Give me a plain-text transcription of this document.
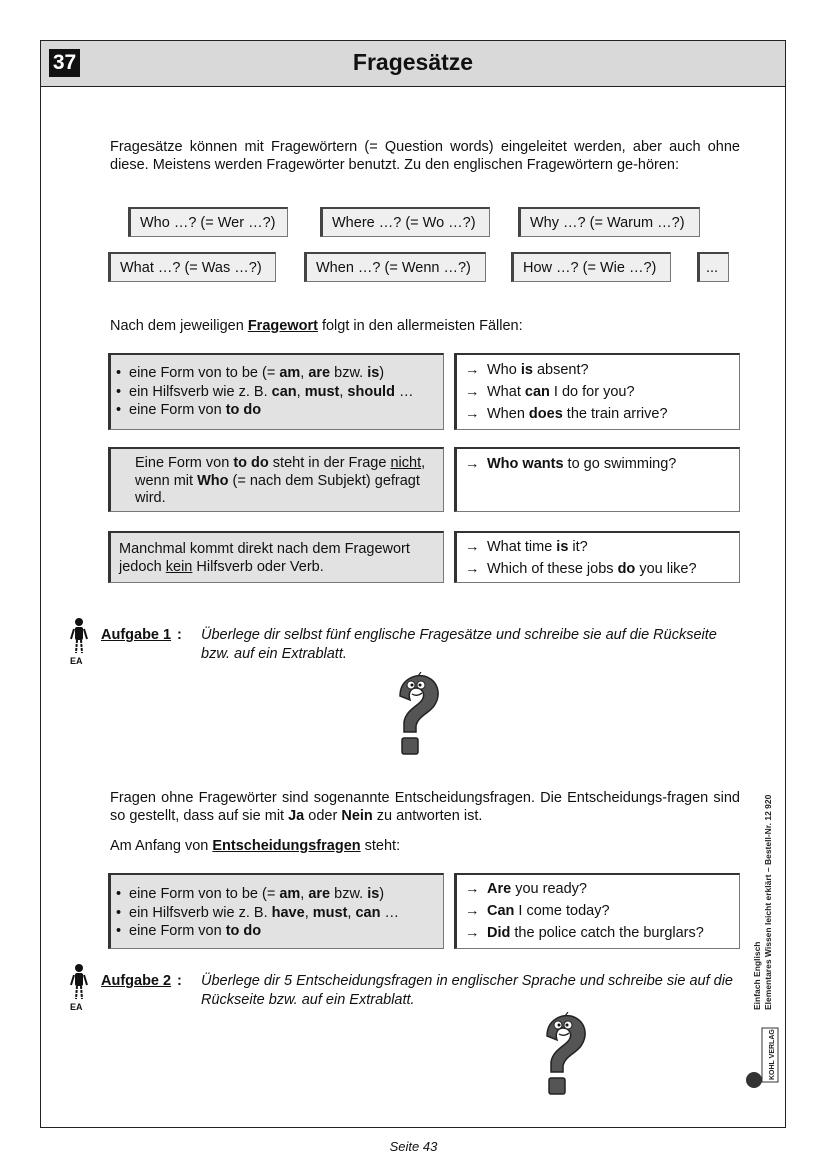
37	Fragesätze
Fragesätze können mit Fragewörtern (= Question words) eingeleitet werden, aber auch ohne diese. Meistens werden Fragewörter benutzt. Zu den englischen Fragewörtern ge-hören:
Who …? (= Wer …?)	Where …? (= Wo …?)	Why …? (= Warum …?)
What …? (= Was …?)	When …? (= Wenn …?)	How …? (= Wie …?)	...
Nach dem jeweiligen Fragewort folgt in den allermeisten Fällen:
• eine Form von to be (= am, are bzw. is)
• ein Hilfsverb wie z. B. can, must, should …
• eine Form von to do
→ Who is absent?
→ What can I do for you?
→ When does the train arrive?
Eine Form von to do steht in der Frage nicht,
wenn mit Who (= nach dem Subjekt) gefragt
wird.
→ Who wants to go swimming?
Manchmal kommt direkt nach dem Fragewort
jedoch kein Hilfsverb oder Verb.
→ What time is it?
→ Which of these jobs do you like?
EA
Aufgabe 1 : Überlege dir selbst fünf englische Fragesätze und schreibe sie auf die Rückseite bzw. auf ein Extrablatt.
Fragen ohne Fragewörter sind sogenannte Entscheidungsfragen. Die Entscheidungs-fragen sind so gestellt, dass auf sie mit Ja oder Nein zu antworten ist.
Am Anfang von Entscheidungsfragen steht:
• eine Form von to be (= am, are bzw. is)
• ein Hilfsverb wie z. B. have, must, can …
• eine Form von to do
→ Are you ready?
→ Can I come today?
→ Did the police catch the burglars?
EA
Aufgabe 2 : Überlege dir 5 Entscheidungsfragen in englischer Sprache und schreibe sie auf die Rückseite bzw. auf ein Extrablatt.	Einfach Englisch Elementares Wissen leicht erklärt – Bestell-Nr. 12 920
KOHL VERLAG
Seite 43
